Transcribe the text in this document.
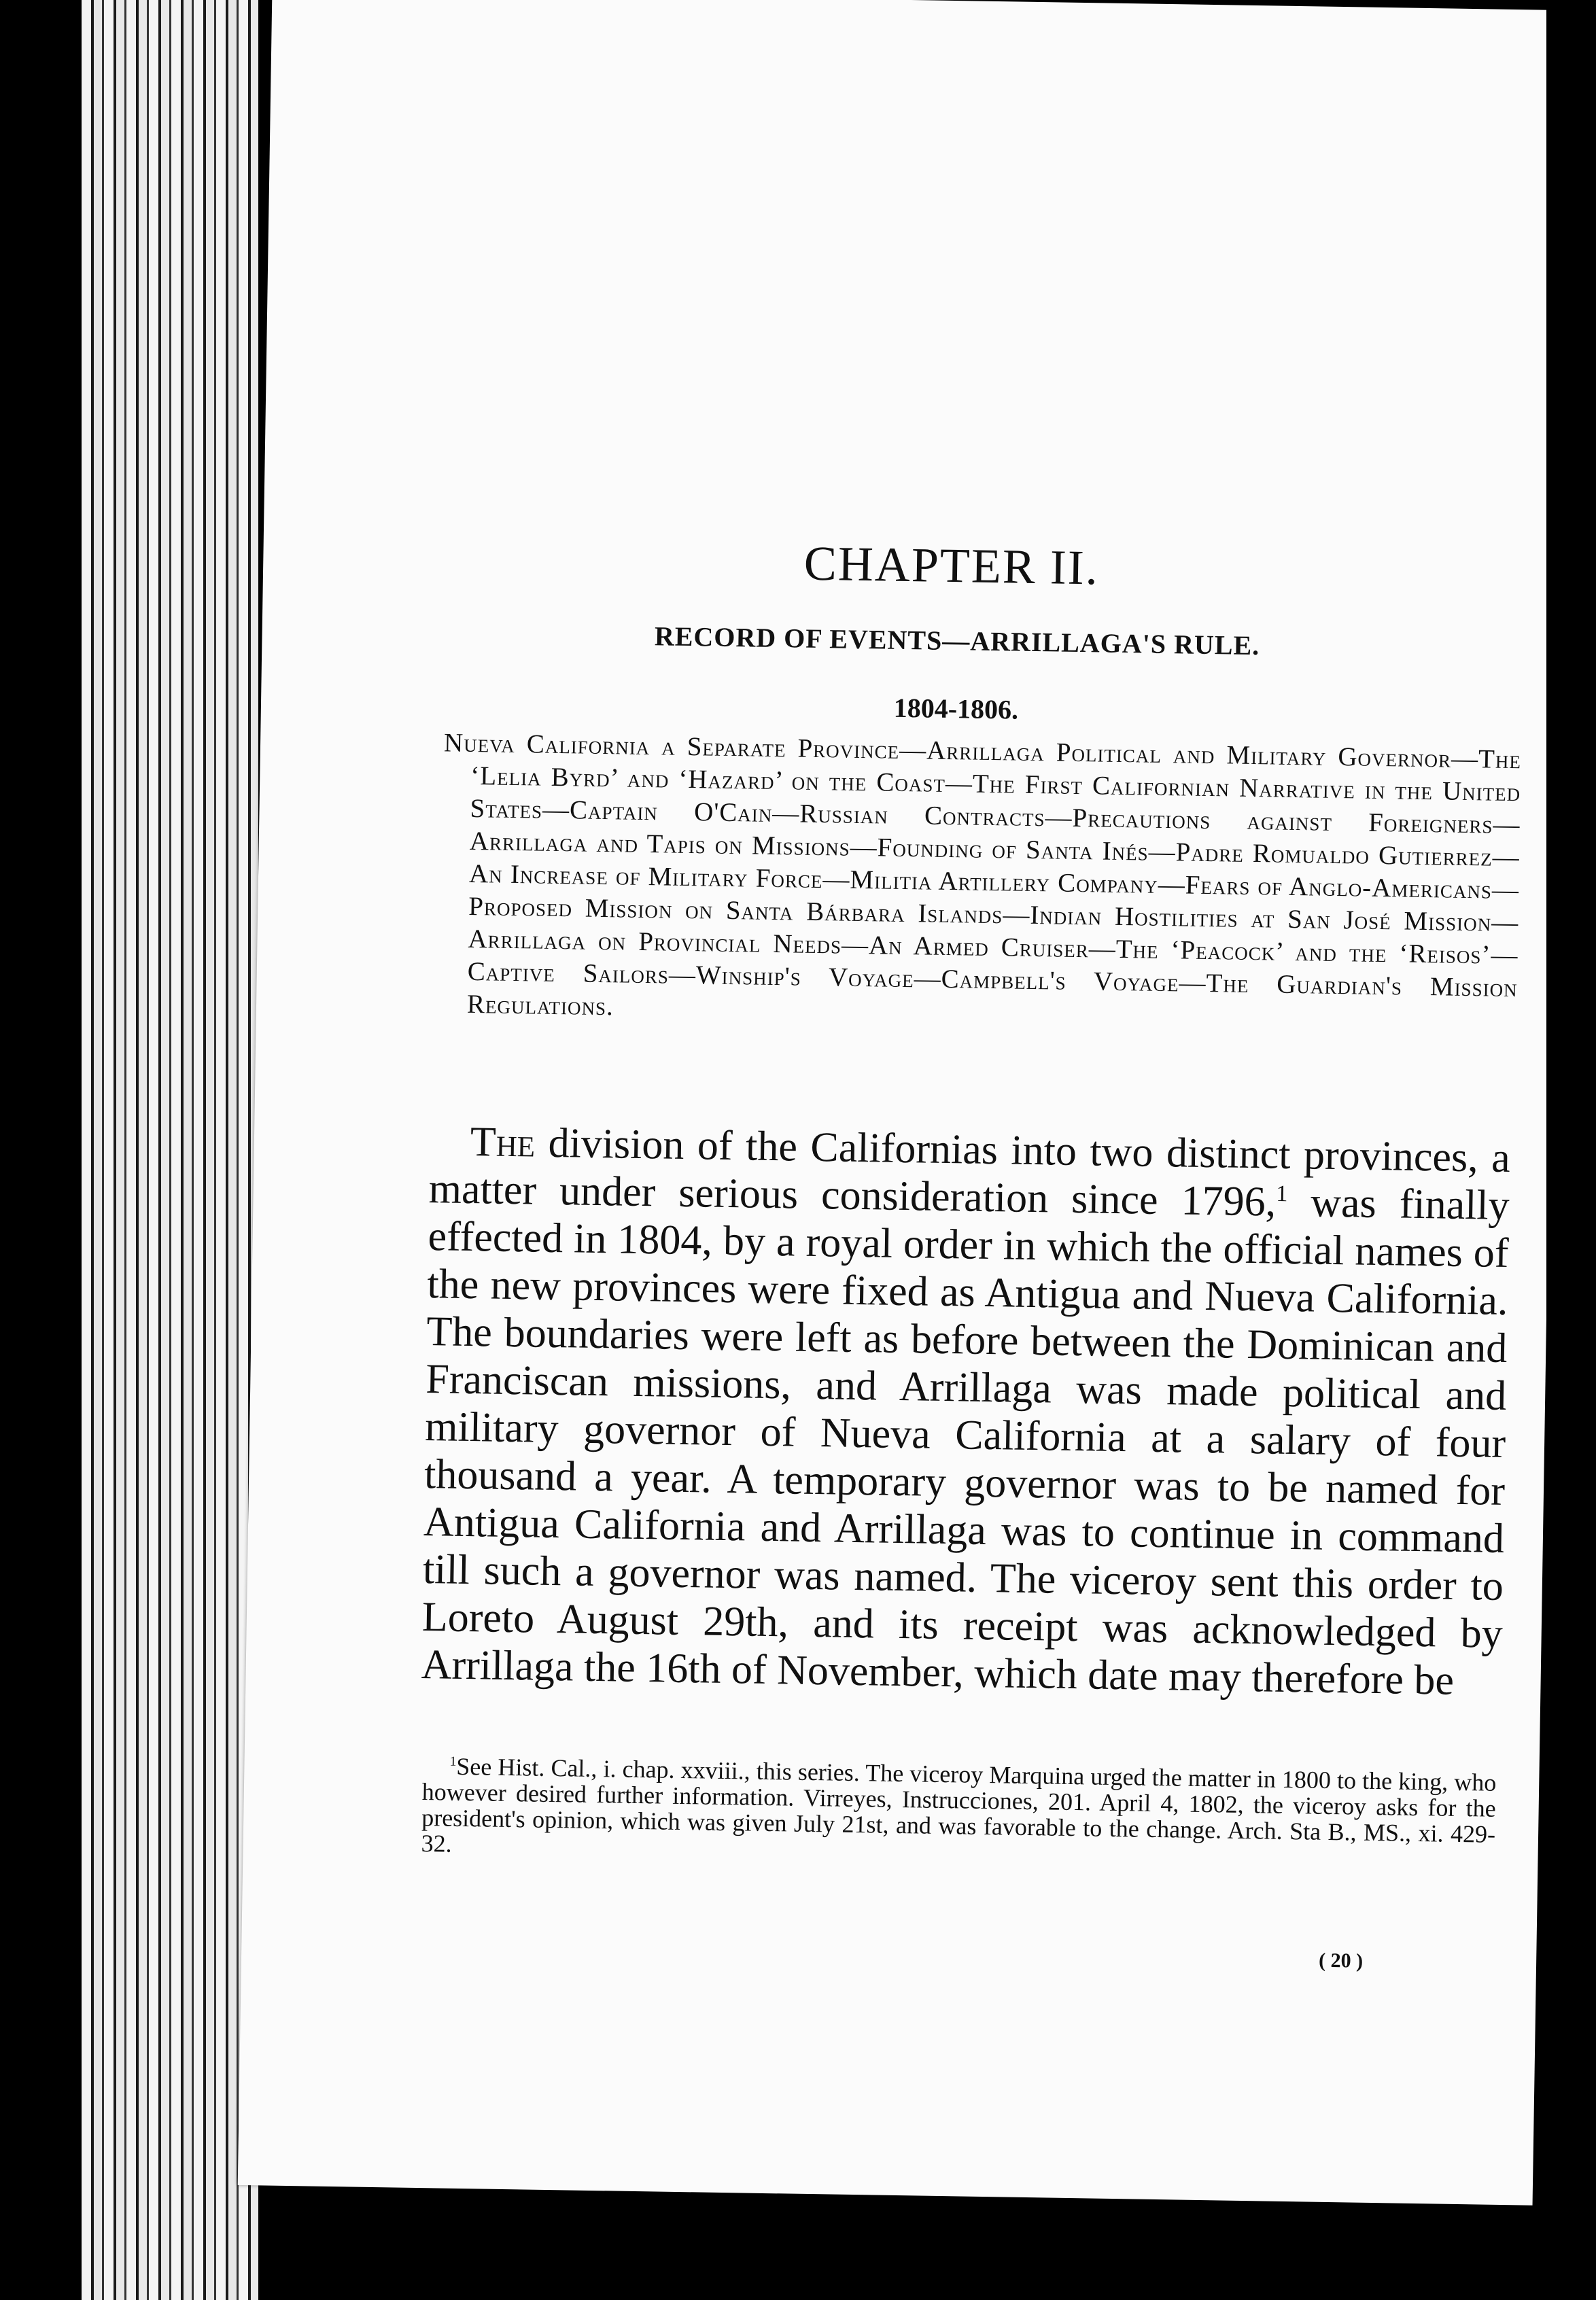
CHAPTER II.
RECORD OF EVENTS—ARRILLAGA'S RULE.
1804-1806.
Nueva California a Separate Province—Arrillaga Political and Military Governor—The ‘Lelia Byrd’ and ‘Hazard’ on the Coast—The First Californian Narrative in the United States—Captain O'Cain—Russian Contracts—Precautions against Foreigners—Arrillaga and Tapis on Missions—Founding of Santa Inés—Padre Romualdo Gutierrez—An Increase of Military Force—Militia Artillery Company—Fears of Anglo-Americans—Proposed Mission on Santa Bárbara Islands—Indian Hostilities at San José Mission—Arrillaga on Provincial Needs—An Armed Cruiser—The ‘Peacock’ and the ‘Reisos’—Captive Sailors—Winship's Voyage—Campbell's Voyage—The Guardian's Mission Regulations.
The division of the Californias into two distinct provinces, a matter under serious consideration since 1796,$^1$ was finally effected in 1804, by a royal order in which the official names of the new provinces were fixed as Antigua and Nueva California. The boundaries were left as before between the Dominican and Franciscan missions, and Arrillaga was made political and military governor of Nueva California at a salary of four thousand a year. A temporary governor was to be named for Antigua California and Arrillaga was to continue in command till such a governor was named. The viceroy sent this order to Loreto August 29th, and its receipt was acknowledged by Arrillaga the 16th of November, which date may therefore be
$^1$See Hist. Cal., i. chap. xxviii., this series. The viceroy Marquina urged the matter in 1800 to the king, who however desired further information. Virreyes, Instrucciones, 201. April 4, 1802, the viceroy asks for the president's opinion, which was given July 21st, and was favorable to the change. Arch. Sta B., MS., xi. 429-32.
( 20 )
